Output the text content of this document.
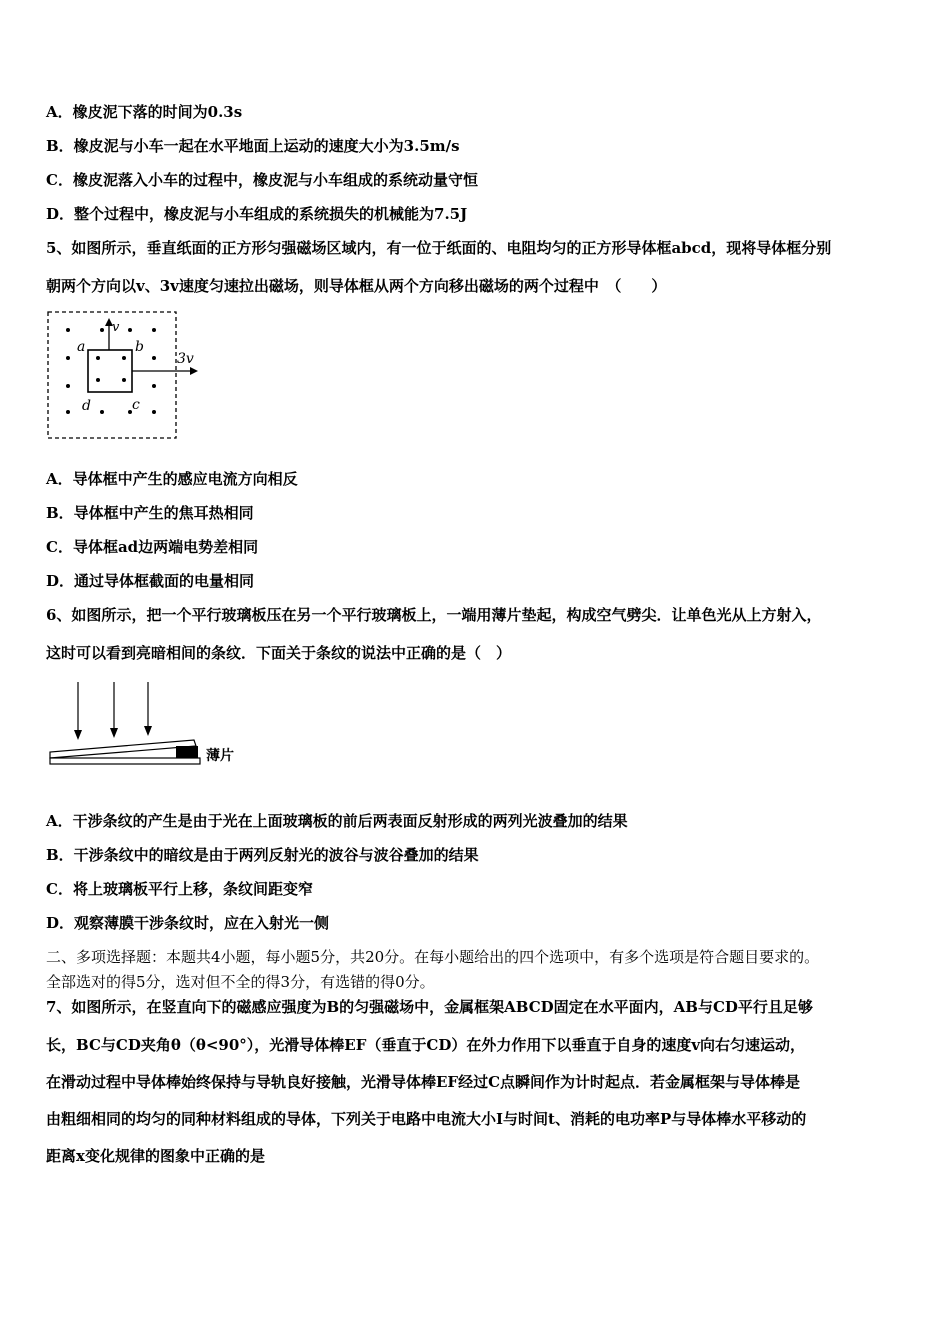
A．橡皮泥下落的时间为0.3s
B．橡皮泥与小车一起在水平地面上运动的速度大小为3.5m/s
C．橡皮泥落入小车的过程中，橡皮泥与小车组成的系统动量守恒
D．整个过程中，橡皮泥与小车组成的系统损失的机械能为7.5J
5、如图所示，垂直纸面的正方形匀强磁场区域内，有一位于纸面的、电阻均匀的正方形导体框abcd，现将导体框分别
朝两个方向以v、3v速度匀速拉出磁场，则导体框从两个方向移出磁场的两个过程中　（　　）
v
3v
a	b
c
d
A．导体框中产生的感应电流方向相反
B．导体框中产生的焦耳热相同
C．导体框ad边两端电势差相同
D．通过导体框截面的电量相同
6、如图所示，把一个平行玻璃板压在另一个平行玻璃板上，一端用薄片垫起，构成空气劈尖．让单色光从上方射入，
这时可以看到亮暗相间的条纹．下面关于条纹的说法中正确的是（　）
薄片
A．干涉条纹的产生是由于光在上面玻璃板的前后两表面反射形成的两列光波叠加的结果
B．干涉条纹中的暗纹是由于两列反射光的波谷与波谷叠加的结果
C．将上玻璃板平行上移，条纹间距变窄
D．观察薄膜干涉条纹时，应在入射光一侧
二、多项选择题：本题共4小题，每小题5分，共20分。在每小题给出的四个选项中，有多个选项是符合题目要求的。
全部选对的得5分，选对但不全的得3分，有选错的得0分。
7、如图所示，在竖直向下的磁感应强度为B的匀强磁场中，金属框架ABCD固定在水平面内，AB与CD平行且足够
长，BC与CD夹角θ（θ<90°），光滑导体棒EF（垂直于CD）在外力作用下以垂直于自身的速度v向右匀速运动，
在滑动过程中导体棒始终保持与导轨良好接触，光滑导体棒EF经过C点瞬间作为计时起点．若金属框架与导体棒是
由粗细相同的均匀的同种材料组成的导体，下列关于电路中电流大小I与时间t、消耗的电功率P与导体棒水平移动的
距离x变化规律的图象中正确的是
